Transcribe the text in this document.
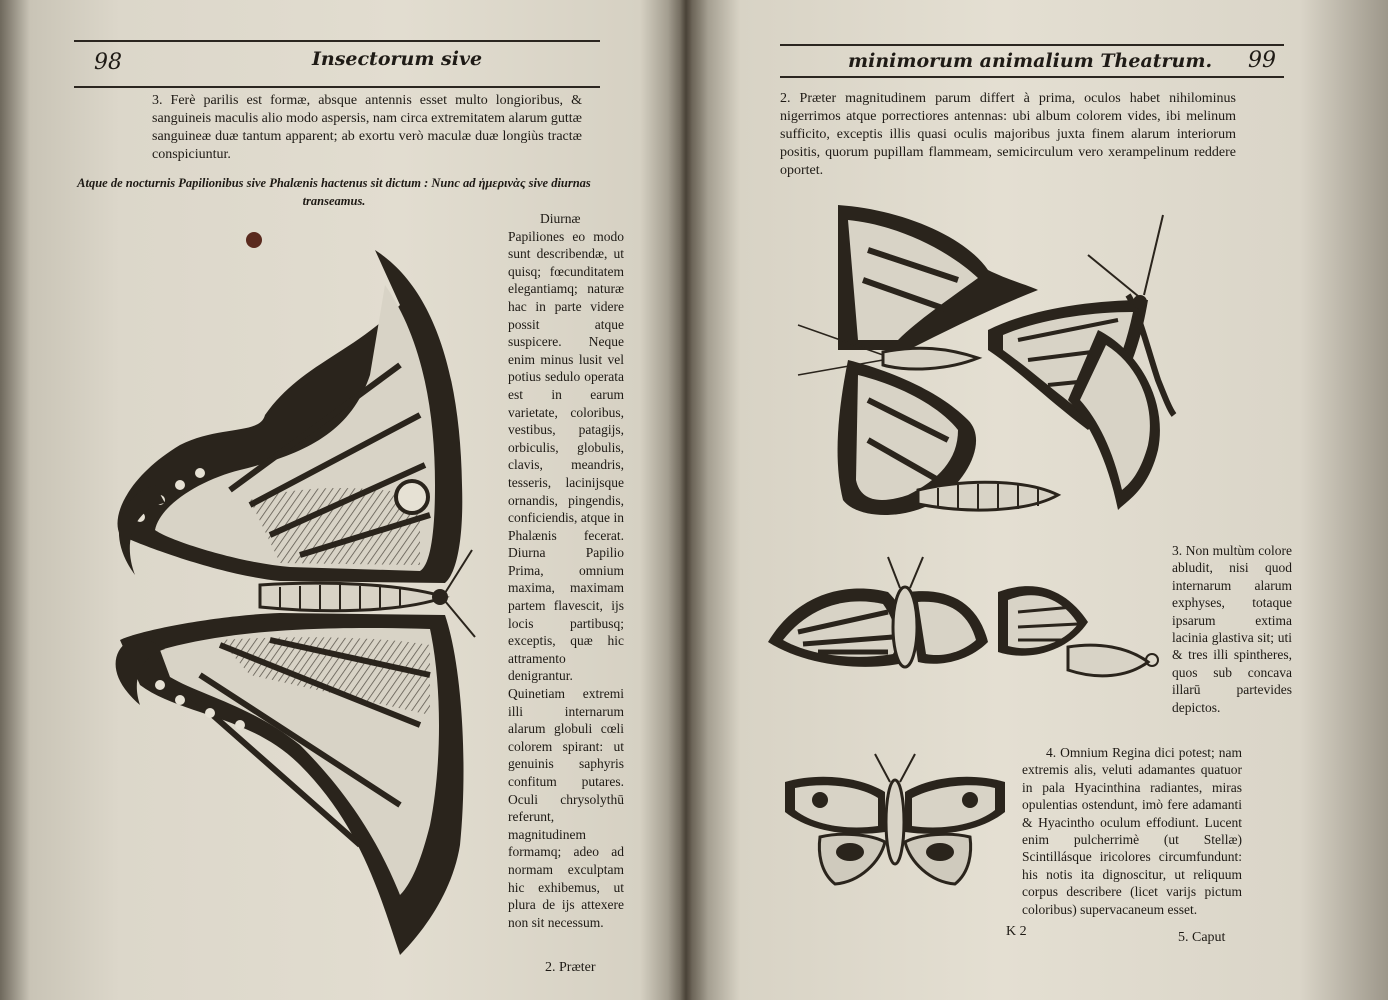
98	Insectorum sive
3. Ferè parilis est formæ, absque antennis esset multo longioribus, & sanguineis maculis alio modo aspersis, nam circa extremitatem alarum guttæ sanguineæ duæ tantum apparent; ab exortu verò maculæ duæ longiùs tractæ conspiciuntur.
Atque de nocturnis Papilionibus sive Phalænis hactenus sit dictum : Nunc ad ἡμερινὰς sive diurnas transeamus.
Diurnæ Papiliones eo modo sunt describendæ, ut quisq; fœcunditatem elegantiamq; naturæ hac in parte videre possit atque suspicere. Neque enim minus lusit vel potius sedulo operata est in earum varietate, coloribus, vestibus, patagijs, orbiculis, globulis, clavis, meandris, tesseris, lacinijsque ornandis, pingendis, conficiendis, atque in Phalænis fecerat. Diurna Papilio Prima, omnium maxima, maximam partem flavescit, ijs locis partibusq; exceptis, quæ hic attramento denigrantur. Quinetiam extremi illi internarum alarum globuli cœli colorem spirant: ut genuinis saphyris confitum putares. Oculi chrysolythū referunt, magnitudinem formamq; adeo ad normam exculptam hic exhibemus, ut plura de ijs attexere non sit necessum.
2. Præter
minimorum animalium Theatrum. 99
2. Præter magnitudinem parum differt à prima, oculos habet nihilominus nigerrimos atque porrectiores antennas: ubi album colorem vides, ibi melinum sufficito, exceptis illis quasi oculis majoribus juxta finem alarum interiorum positis, quorum pupillam flammeam, semicirculum vero xerampelinum reddere oportet.
3. Non multùm colore abludit, nisi quod internarum alarum exphyses, totaque ipsarum extima lacinia glastiva sit; uti & tres illi spintheres, quos sub concava illarū partevides depictos.
4. Omnium Regina dici potest; nam extremis alis, veluti adamantes quatuor in pala Hyacinthina radiantes, miras opulentias ostendunt, imò fere adamanti & Hyacintho oculum effodiunt. Lucent enim pulcherrimè (ut Stellæ) Scintillásque iricolores circumfundunt: his notis ita dignoscitur, ut reliquum corpus describere (licet varijs pictum coloribus) supervacaneum esset.
K 2	5. Caput
